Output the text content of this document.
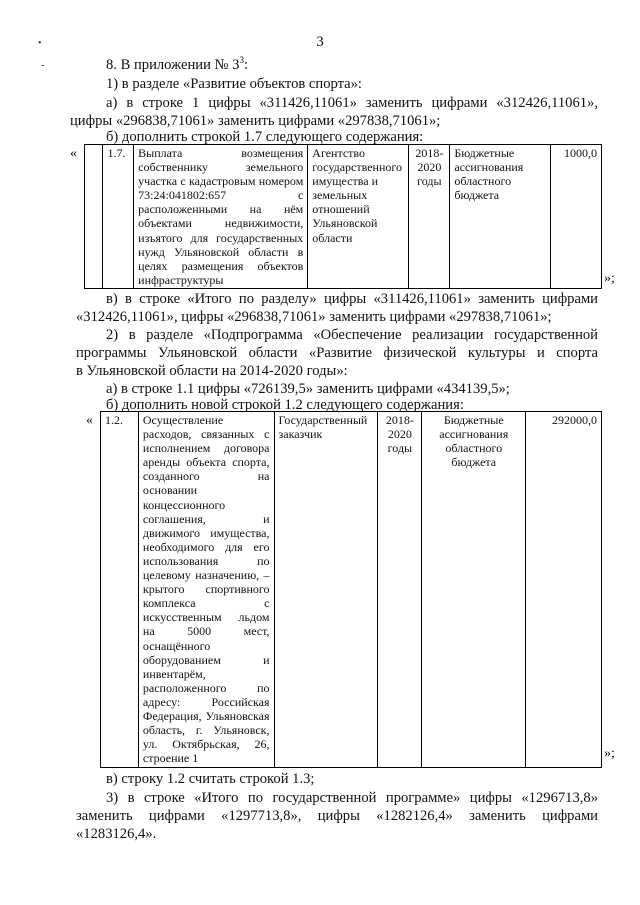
•
-
3
8. В приложении № $3^3$:
1) в разделе «Развитие объектов спорта»:
а) в строке 1 цифры «311426,11061» заменить цифрами «312426,11061»,
цифры «296838,71061» заменить цифрами «297838,71061»;
б) дополнить строкой 1.7 следующего содержания:
«
		1.7.	Выплата возмещения собственнику земельного участка с кадастровым номером 73:24:041802:657 с расположенными на нём объектами недвижимости, изъятого для государственных нужд Ульяновской области в целях размещения объектов инфраструктуры	Агентство государственного имущества и земельных отношений Ульяновской области	2018-
2020
годы	Бюджетные ассигнования областного бюджета	1000,0
»;
в) в строке «Итого по разделу» цифры «311426,11061» заменить цифрами
«312426,11061», цифры «296838,71061» заменить цифрами «297838,71061»;
2) в разделе «Подпрограмма «Обеспечение реализации государственной
программы Ульяновской области «Развитие физической культуры и спорта
в Ульяновской области на 2014-2020 годы»:
а) в строке 1.1 цифры «726139,5» заменить цифрами «434139,5»;
б) дополнить новой строкой 1.2 следующего содержания:
« 1.2.	Осуществление расходов, связанных с исполнением договора аренды объекта спорта, созданного на основании концессионного соглашения, и движимого имущества, необходимого для его использования по целевому назначению, – крытого спортивного комплекса с искусственным льдом на 5000 мест, оснащённого оборудованием и инвентарём, расположенного по адресу: Российская Федерация, Ульяновская область, г. Ульяновск, ул. Октябрьская, 26, строение 1	Государственный заказчик	2018-
2020
годы	Бюджетные ассигнования областного бюджета	292000,0
»;
в) строку 1.2 считать строкой 1.3;
3) в строке «Итого по государственной программе» цифры «1296713,8»
заменить цифрами «1297713,8», цифры «1282126,4» заменить цифрами
«1283126,4».
